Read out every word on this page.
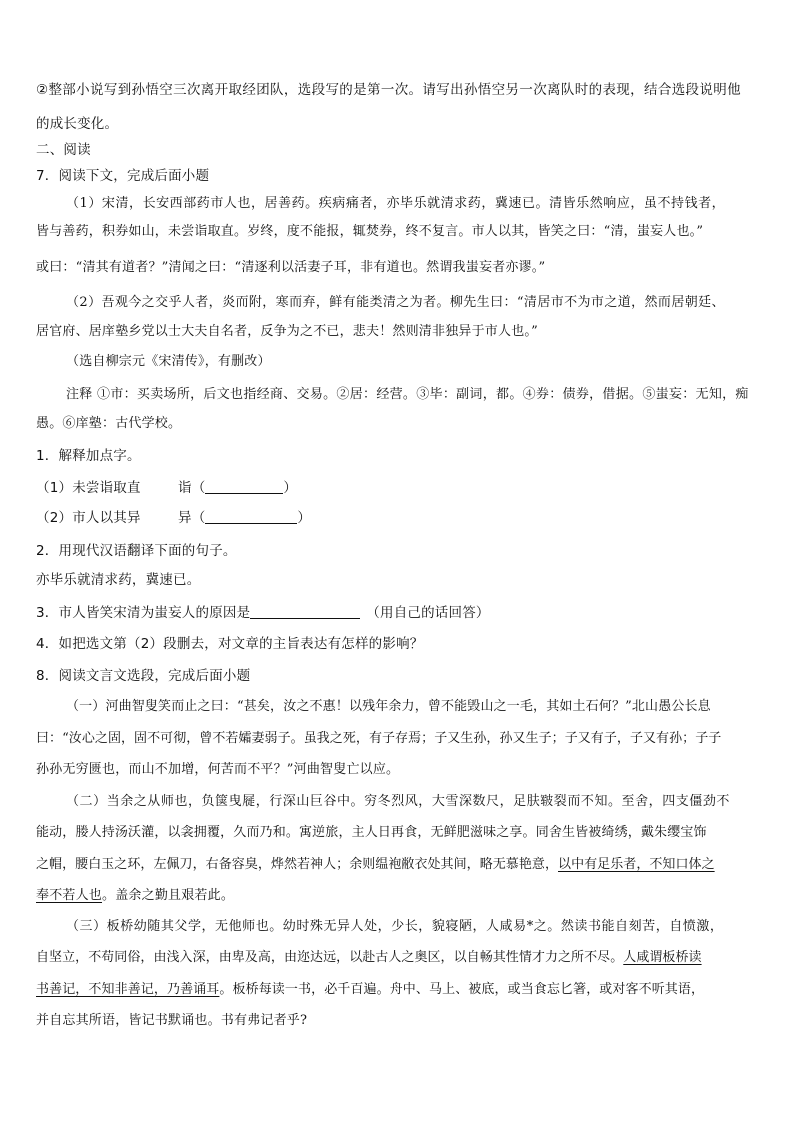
②整部小说写到孙悟空三次离开取经团队，选段写的是第一次。请写出孙悟空另一次离队时的表现，结合选段说明他
的成长变化。
二、阅读
7．阅读下文，完成后面小题
（1）宋清，长安西部药市人也，居善药。疾病痛者，亦毕乐就清求药，冀速已。清皆乐然响应，虽不持钱者，
皆与善药，积券如山，未尝诣取直。岁终，度不能报，辄焚券，终不复言。市人以其，皆笑之曰：“清，蚩妄人也。”
或曰：“清其有道者？”清闻之曰：“清逐利以活妻子耳，非有道也。然谓我蚩妄者亦谬。”
（2）吾观今之交乎人者，炎而附，寒而弃，鲜有能类清之为者。柳先生曰：“清居市不为市之道，然而居朝廷、
居官府、居庠塾乡党以士大夫自名者，反争为之不已，悲夫！然则清非独异于市人也。”
（选自柳宗元《宋清传》，有删改）
注释 ①市：买卖场所，后文也指经商、交易。②居：经营。③毕：副词，都。④券：债券，借据。⑤蚩妄：无知，痴
愚。⑥庠塾：古代学校。
1．解释加点字。
（1）未尝诣取直	诣（	）
（2）市人以其异	异（	）
2．用现代汉语翻译下面的句子。
亦毕乐就清求药，冀速已。
3．市人皆笑宋清为蚩妄人的原因是	（用自己的话回答）
4．如把选文第（2）段删去，对文章的主旨表达有怎样的影响？
8．阅读文言文选段，完成后面小题
（一）河曲智叟笑而止之曰：“甚矣，汝之不惠！以残年余力，曾不能毁山之一毛，其如土石何？”北山愚公长息
曰：“汝心之固，固不可彻，曾不若孀妻弱子。虽我之死，有子存焉；子又生孙，孙又生子；子又有子，子又有孙；子子
孙孙无穷匮也，而山不加增，何苦而不平？”河曲智叟亡以应。
（二）当余之从师也，负箧曳屣，行深山巨谷中。穷冬烈风，大雪深数尺，足肤皲裂而不知。至舍，四支僵劲不
能动，媵人持汤沃灌，以衾拥覆，久而乃和。寓逆旅，主人日再食，无鲜肥滋味之享。同舍生皆被绮绣，戴朱缨宝饰
之帽，腰白玉之环，左佩刀，右备容臭，烨然若神人；余则缊袍敝衣处其间，略无慕艳意，以中有足乐者，不知口体之
奉不若人也。盖余之勤且艰若此。
（三）板桥幼随其父学，无他师也。幼时殊无异人处，少长，貌寝陋，人咸易*之。然读书能自刻苦，自愤激，
自坚立，不苟同俗，由浅入深，由卑及高，由迩达远，以赴古人之奥区，以自畅其性情才力之所不尽。人咸谓板桥读
书善记，不知非善记，乃善诵耳。板桥每读一书，必千百遍。舟中、马上、被底，或当食忘匕箸，或对客不听其语，
并自忘其所语，皆记书默诵也。书有弗记者乎?
